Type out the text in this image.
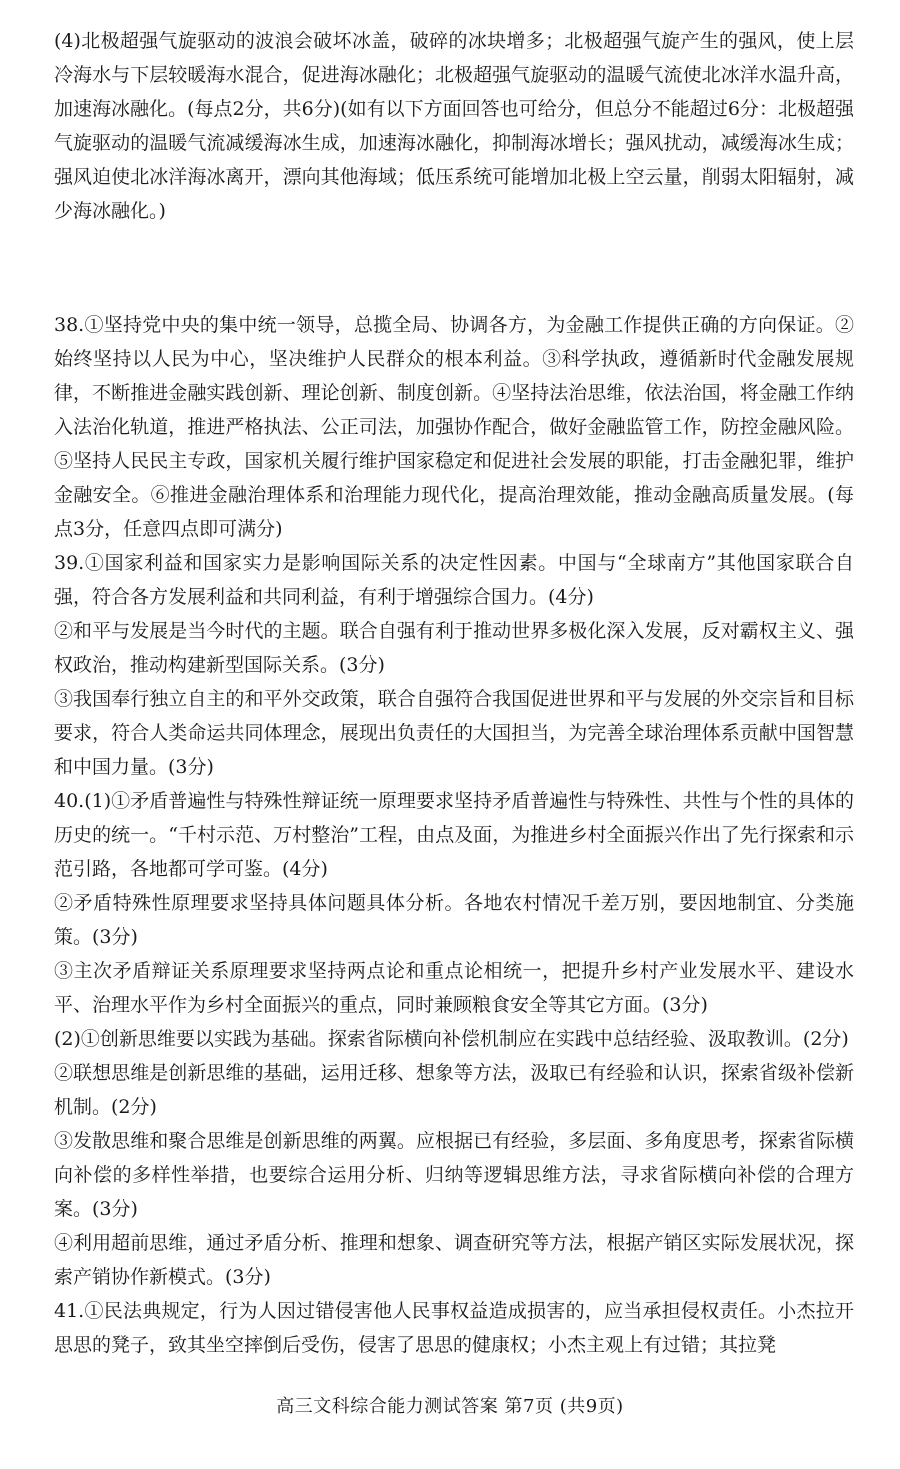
(4)北极超强气旋驱动的波浪会破坏冰盖，破碎的冰块增多；北极超强气旋产生的强风，使上层冷海水与下层较暖海水混合，促进海冰融化；北极超强气旋驱动的温暖气流使北冰洋水温升高，加速海冰融化。(每点2分，共6分)(如有以下方面回答也可给分，但总分不能超过6分：北极超强气旋驱动的温暖气流减缓海冰生成，加速海冰融化，抑制海冰增长；强风扰动，减缓海冰生成；强风迫使北冰洋海冰离开，漂向其他海域；低压系统可能增加北极上空云量，削弱太阳辐射，减少海冰融化。)

38.①坚持党中央的集中统一领导，总揽全局、协调各方，为金融工作提供正确的方向保证。②始终坚持以人民为中心，坚决维护人民群众的根本利益。③科学执政，遵循新时代金融发展规律，不断推进金融实践创新、理论创新、制度创新。④坚持法治思维，依法治国，将金融工作纳入法治化轨道，推进严格执法、公正司法，加强协作配合，做好金融监管工作，防控金融风险。⑤坚持人民民主专政，国家机关履行维护国家稳定和促进社会发展的职能，打击金融犯罪，维护金融安全。⑥推进金融治理体系和治理能力现代化，提高治理效能，推动金融高质量发展。(每点3分，任意四点即可满分)

39.①国家利益和国家实力是影响国际关系的决定性因素。中国与“全球南方”其他国家联合自强，符合各方发展利益和共同利益，有利于增强综合国力。(4分)

②和平与发展是当今时代的主题。联合自强有利于推动世界多极化深入发展，反对霸权主义、强权政治，推动构建新型国际关系。(3分)

③我国奉行独立自主的和平外交政策，联合自强符合我国促进世界和平与发展的外交宗旨和目标要求，符合人类命运共同体理念，展现出负责任的大国担当，为完善全球治理体系贡献中国智慧和中国力量。(3分)

40.(1)①矛盾普遍性与特殊性辩证统一原理要求坚持矛盾普遍性与特殊性、共性与个性的具体的历史的统一。“千村示范、万村整治”工程，由点及面，为推进乡村全面振兴作出了先行探索和示范引路，各地都可学可鉴。(4分)

②矛盾特殊性原理要求坚持具体问题具体分析。各地农村情况千差万别，要因地制宜、分类施策。(3分)

③主次矛盾辩证关系原理要求坚持两点论和重点论相统一，把提升乡村产业发展水平、建设水平、治理水平作为乡村全面振兴的重点，同时兼顾粮食安全等其它方面。(3分)

(2)①创新思维要以实践为基础。探索省际横向补偿机制应在实践中总结经验、汲取教训。(2分)

②联想思维是创新思维的基础，运用迁移、想象等方法，汲取已有经验和认识，探索省级补偿新机制。(2分)

③发散思维和聚合思维是创新思维的两翼。应根据已有经验，多层面、多角度思考，探索省际横向补偿的多样性举措，也要综合运用分析、归纳等逻辑思维方法，寻求省际横向补偿的合理方案。(3分)

④利用超前思维，通过矛盾分析、推理和想象、调查研究等方法，根据产销区实际发展状况，探索产销协作新模式。(3分)

41.①民法典规定，行为人因过错侵害他人民事权益造成损害的，应当承担侵权责任。小杰拉开思思的凳子，致其坐空摔倒后受伤，侵害了思思的健康权；小杰主观上有过错；其拉凳

高三文科综合能力测试答案 第7页 (共9页)
